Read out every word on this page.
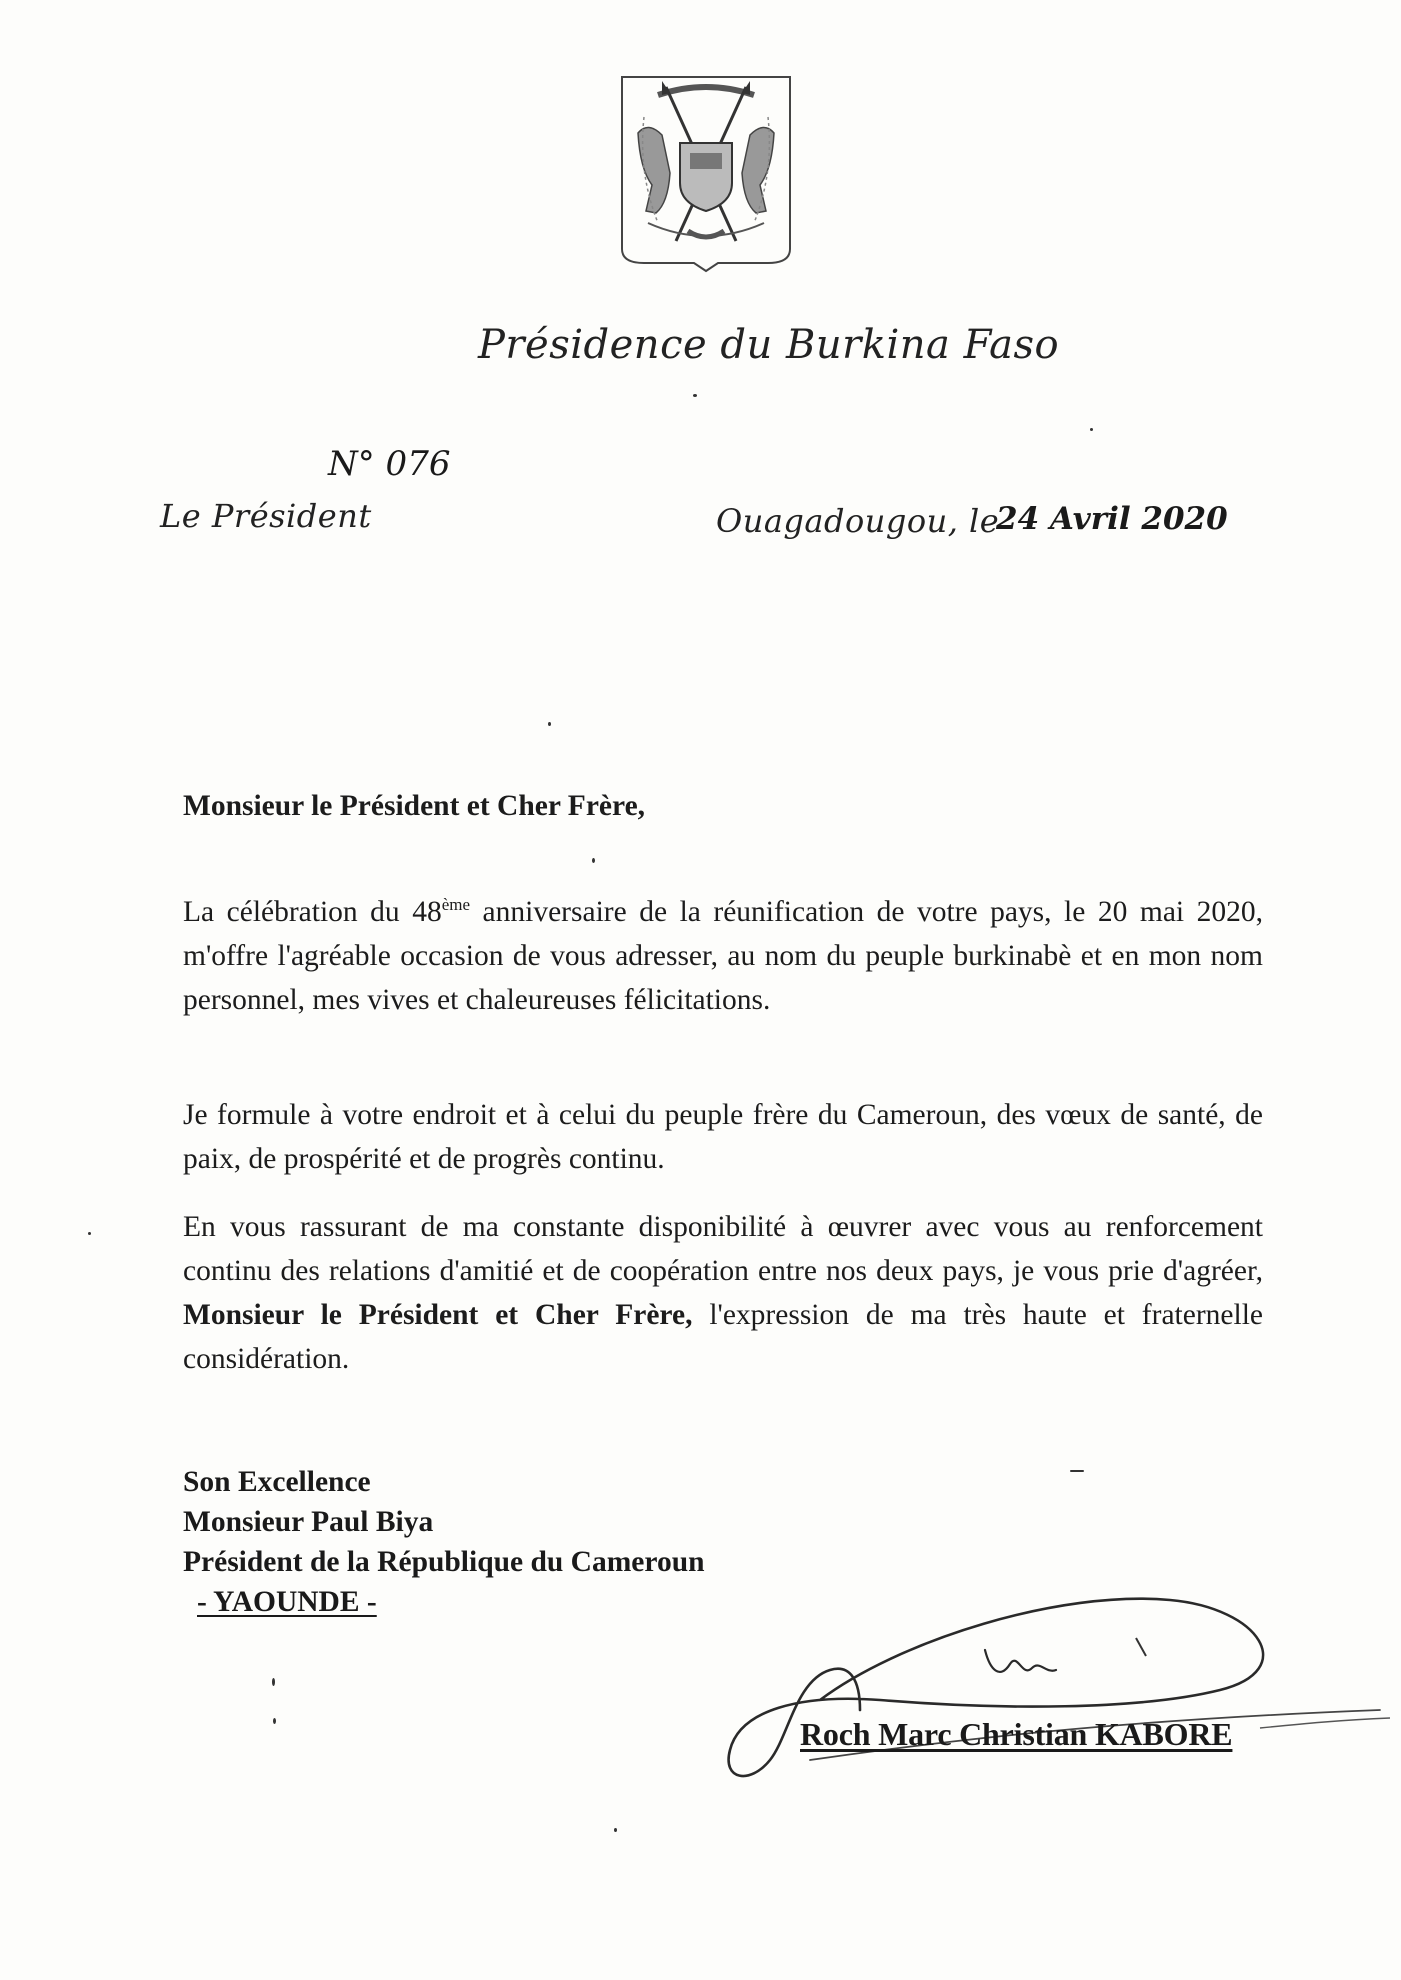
Présidence du Burkina Faso
N° 076
Le Président	Ouagadougou, le
24 Avril 2020
Monsieur le Président et Cher Frère,
La célébration du 48ème anniversaire de la réunification de votre pays, le 20 mai 2020, m'offre l'agréable occasion de vous adresser, au nom du peuple burkinabè et en mon nom personnel, mes vives et chaleureuses félicitations.
Je formule à votre endroit et à celui du peuple frère du Cameroun, des vœux de santé, de paix, de prospérité et de progrès continu.
En vous rassurant de ma constante disponibilité à œuvrer avec vous au renforcement continu des relations d'amitié et de coopération entre nos deux pays, je vous prie d'agréer, Monsieur le Président et Cher Frère, l'expression de ma très haute et fraternelle considération.
Son Excellence
Monsieur Paul Biya
Président de la République du Cameroun
- YAOUNDE -
Roch Marc Christian KABORE
